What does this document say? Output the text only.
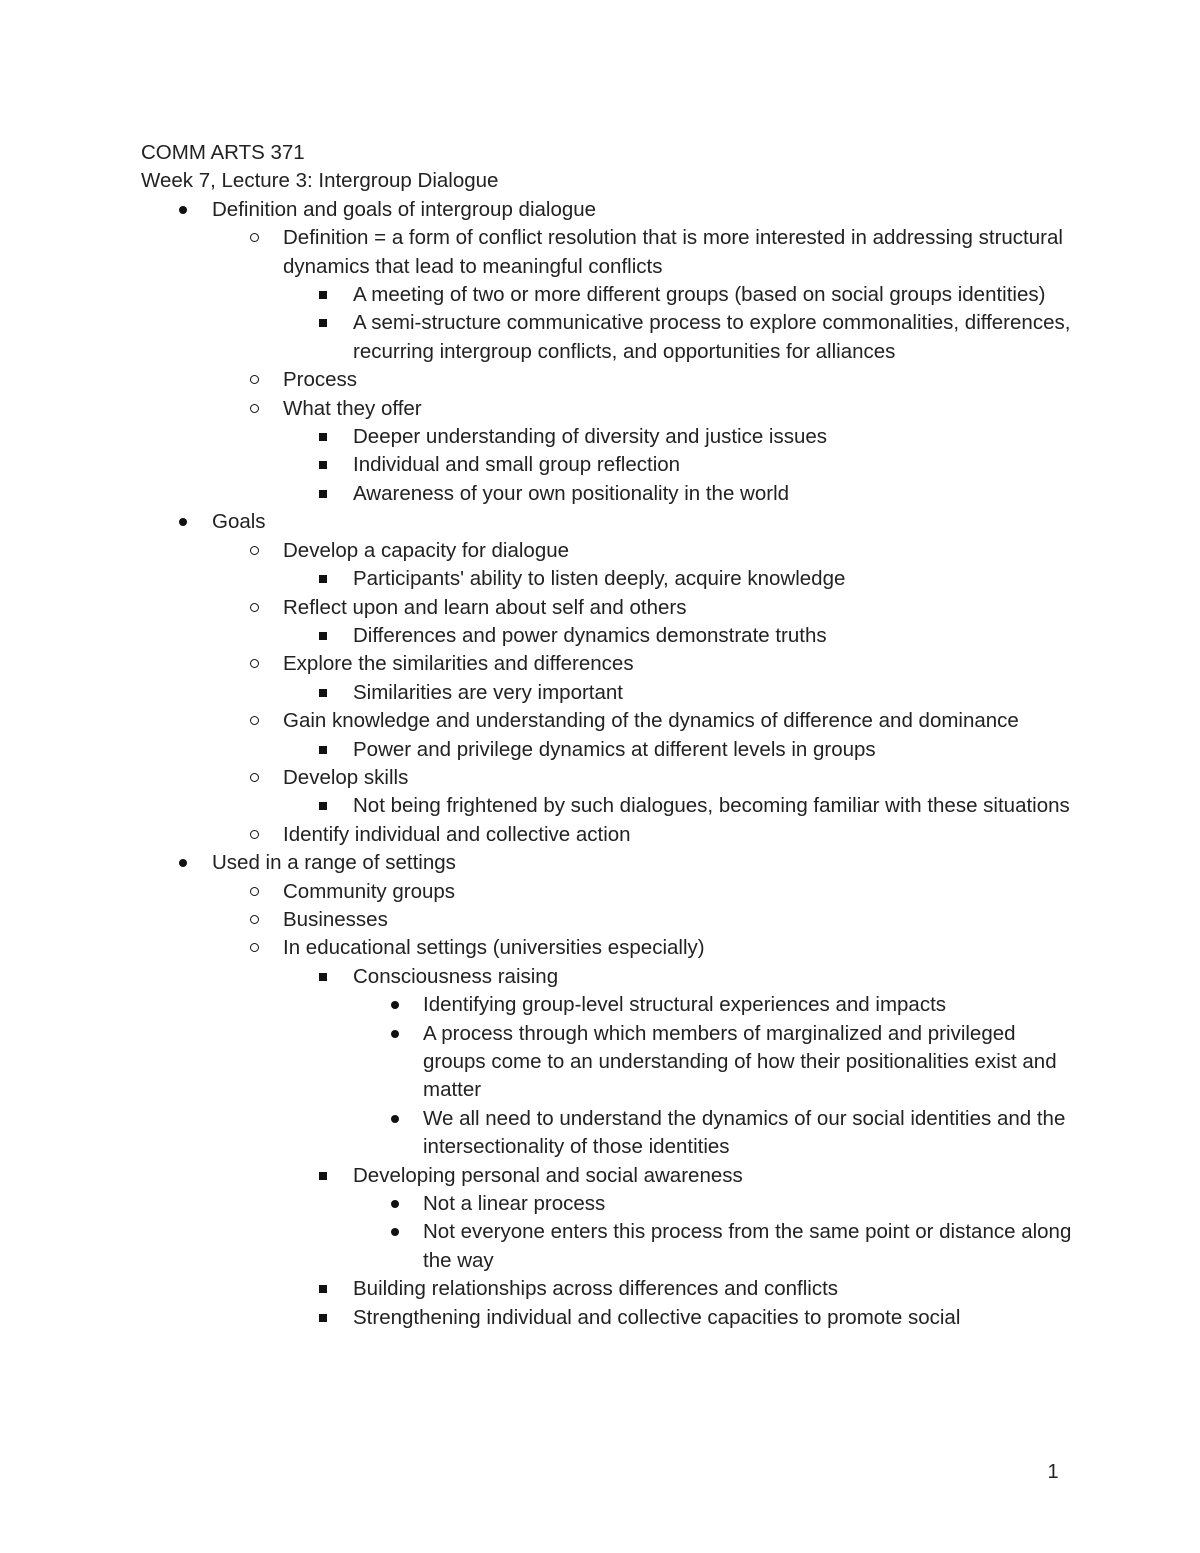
COMM ARTS 371
Week 7, Lecture 3: Intergroup Dialogue
Definition and goals of intergroup dialogue
Definition = a form of conflict resolution that is more interested in addressing structural dynamics that lead to meaningful conflicts
A meeting of two or more different groups (based on social groups identities)
A semi-structure communicative process to explore commonalities, differences, recurring intergroup conflicts, and opportunities for alliances
Process
What they offer
Deeper understanding of diversity and justice issues
Individual and small group reflection
Awareness of your own positionality in the world
Goals
Develop a capacity for dialogue
Participants' ability to listen deeply, acquire knowledge
Reflect upon and learn about self and others
Differences and power dynamics demonstrate truths
Explore the similarities and differences
Similarities are very important
Gain knowledge and understanding of the dynamics of difference and dominance
Power and privilege dynamics at different levels in groups
Develop skills
Not being frightened by such dialogues, becoming familiar with these situations
Identify individual and collective action
Used in a range of settings
Community groups
Businesses
In educational settings (universities especially)
Consciousness raising
Identifying group-level structural experiences and impacts
A process through which members of marginalized and privileged groups come to an understanding of how their positionalities exist and matter
We all need to understand the dynamics of our social identities and the intersectionality of those identities
Developing personal and social awareness
Not a linear process
Not everyone enters this process from the same point or distance along the way
Building relationships across differences and conflicts
Strengthening individual and collective capacities to promote social
1
